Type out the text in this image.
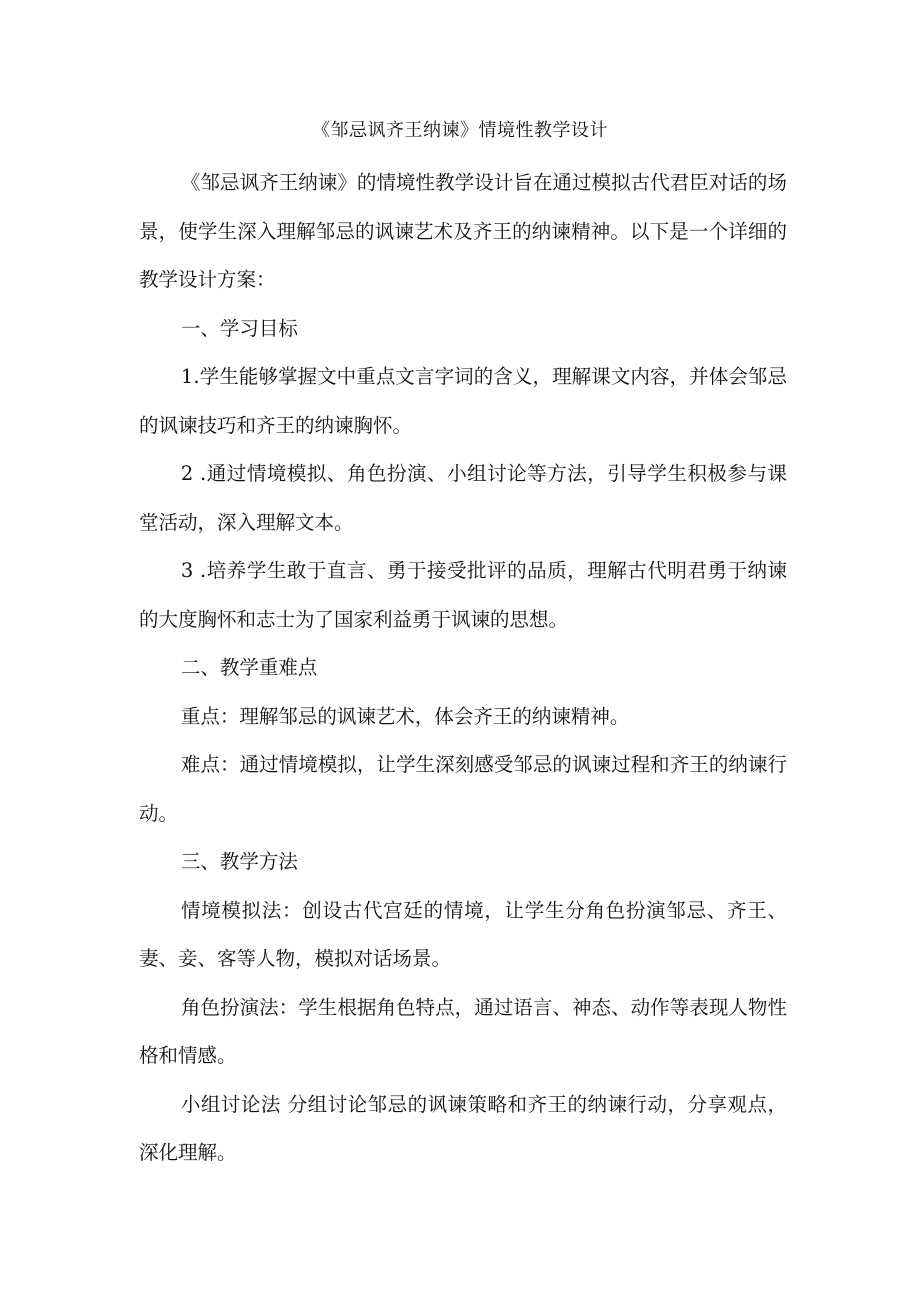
《邹忌讽齐王纳谏》情境性教学设计

《邹忌讽齐王纳谏》的情境性教学设计旨在通过模拟古代君臣对话的场景，使学生深入理解邹忌的讽谏艺术及齐王的纳谏精神。以下是一个详细的教学设计方案：

一、学习目标

1.学生能够掌握文中重点文言字词的含义，理解课文内容，并体会邹忌的讽谏技巧和齐王的纳谏胸怀。

2 .通过情境模拟、角色扮演、小组讨论等方法，引导学生积极参与课堂活动，深入理解文本。

3 .培养学生敢于直言、勇于接受批评的品质，理解古代明君勇于纳谏的大度胸怀和志士为了国家利益勇于讽谏的思想。

二、教学重难点

重点：理解邹忌的讽谏艺术，体会齐王的纳谏精神。

难点：通过情境模拟，让学生深刻感受邹忌的讽谏过程和齐王的纳谏行动。

三、教学方法

情境模拟法：创设古代宫廷的情境，让学生分角色扮演邹忌、齐王、妻、妾、客等人物，模拟对话场景。

角色扮演法：学生根据角色特点，通过语言、神态、动作等表现人物性格和情感。

小组讨论法 分组讨论邹忌的讽谏策略和齐王的纳谏行动，分享观点，深化理解。
